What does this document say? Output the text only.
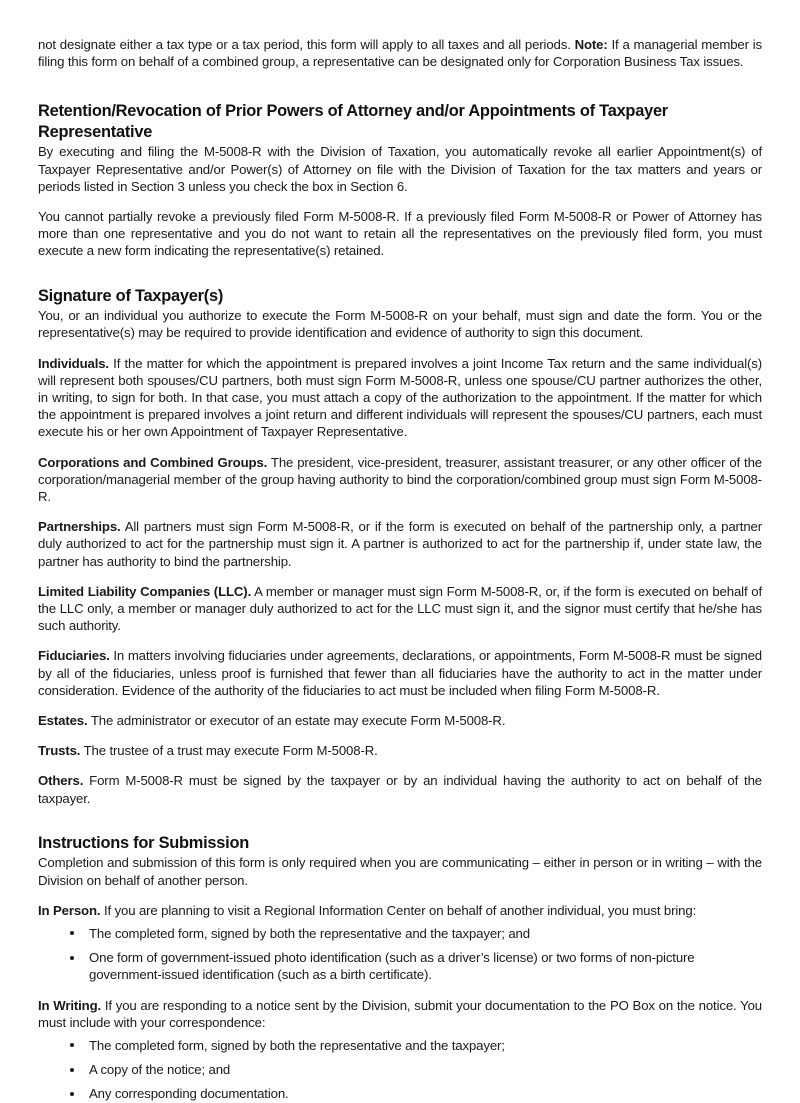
not designate either a tax type or a tax period, this form will apply to all taxes and all periods. Note: If a managerial member is filing this form on behalf of a combined group, a representative can be designated only for Corporation Business Tax issues.

Retention/Revocation of Prior Powers of Attorney and/or Appointments of Taxpayer Representative

By executing and filing the M-5008-R with the Division of Taxation, you automatically revoke all earlier Appointment(s) of Taxpayer Representative and/or Power(s) of Attorney on file with the Division of Taxation for the tax matters and years or periods listed in Section 3 unless you check the box in Section 6.

You cannot partially revoke a previously filed Form M-5008-R. If a previously filed Form M-5008-R or Power of Attorney has more than one representative and you do not want to retain all the representatives on the previously filed form, you must execute a new form indicating the representative(s) retained.

Signature of Taxpayer(s)

You, or an individual you authorize to execute the Form M-5008-R on your behalf, must sign and date the form. You or the representative(s) may be required to provide identification and evidence of authority to sign this document.

Individuals. If the matter for which the appointment is prepared involves a joint Income Tax return and the same individual(s) will represent both spouses/CU partners, both must sign Form M-5008-R, unless one spouse/CU partner authorizes the other, in writing, to sign for both. In that case, you must attach a copy of the authorization to the appointment. If the matter for which the appointment is prepared involves a joint return and different individuals will represent the spouses/CU partners, each must execute his or her own Appointment of Taxpayer Representative.

Corporations and Combined Groups. The president, vice-president, treasurer, assistant treasurer, or any other officer of the corporation/managerial member of the group having authority to bind the corporation/combined group must sign Form M-5008-R.

Partnerships. All partners must sign Form M-5008-R, or if the form is executed on behalf of the partnership only, a partner duly authorized to act for the partnership must sign it. A partner is authorized to act for the partnership if, under state law, the partner has authority to bind the partnership.

Limited Liability Companies (LLC). A member or manager must sign Form M-5008-R, or, if the form is executed on behalf of the LLC only, a member or manager duly authorized to act for the LLC must sign it, and the signor must certify that he/she has such authority.

Fiduciaries. In matters involving fiduciaries under agreements, declarations, or appointments, Form M-5008-R must be signed by all of the fiduciaries, unless proof is furnished that fewer than all fiduciaries have the authority to act in the matter under consideration. Evidence of the authority of the fiduciaries to act must be included when filing Form M-5008-R.

Estates. The administrator or executor of an estate may execute Form M-5008-R.

Trusts. The trustee of a trust may execute Form M-5008-R.

Others. Form M-5008-R must be signed by the taxpayer or by an individual having the authority to act on behalf of the taxpayer.

Instructions for Submission

Completion and submission of this form is only required when you are communicating – either in person or in writing – with the Division on behalf of another person.

In Person. If you are planning to visit a Regional Information Center on behalf of another individual, you must bring:

The completed form, signed by both the representative and the taxpayer; and
One form of government-issued photo identification (such as a driver’s license) or two forms of non-picture government-issued identification (such as a birth certificate).

In Writing. If you are responding to a notice sent by the Division, submit your documentation to the PO Box on the notice. You must include with your correspondence:

The completed form, signed by both the representative and the taxpayer;
A copy of the notice; and
Any corresponding documentation.
